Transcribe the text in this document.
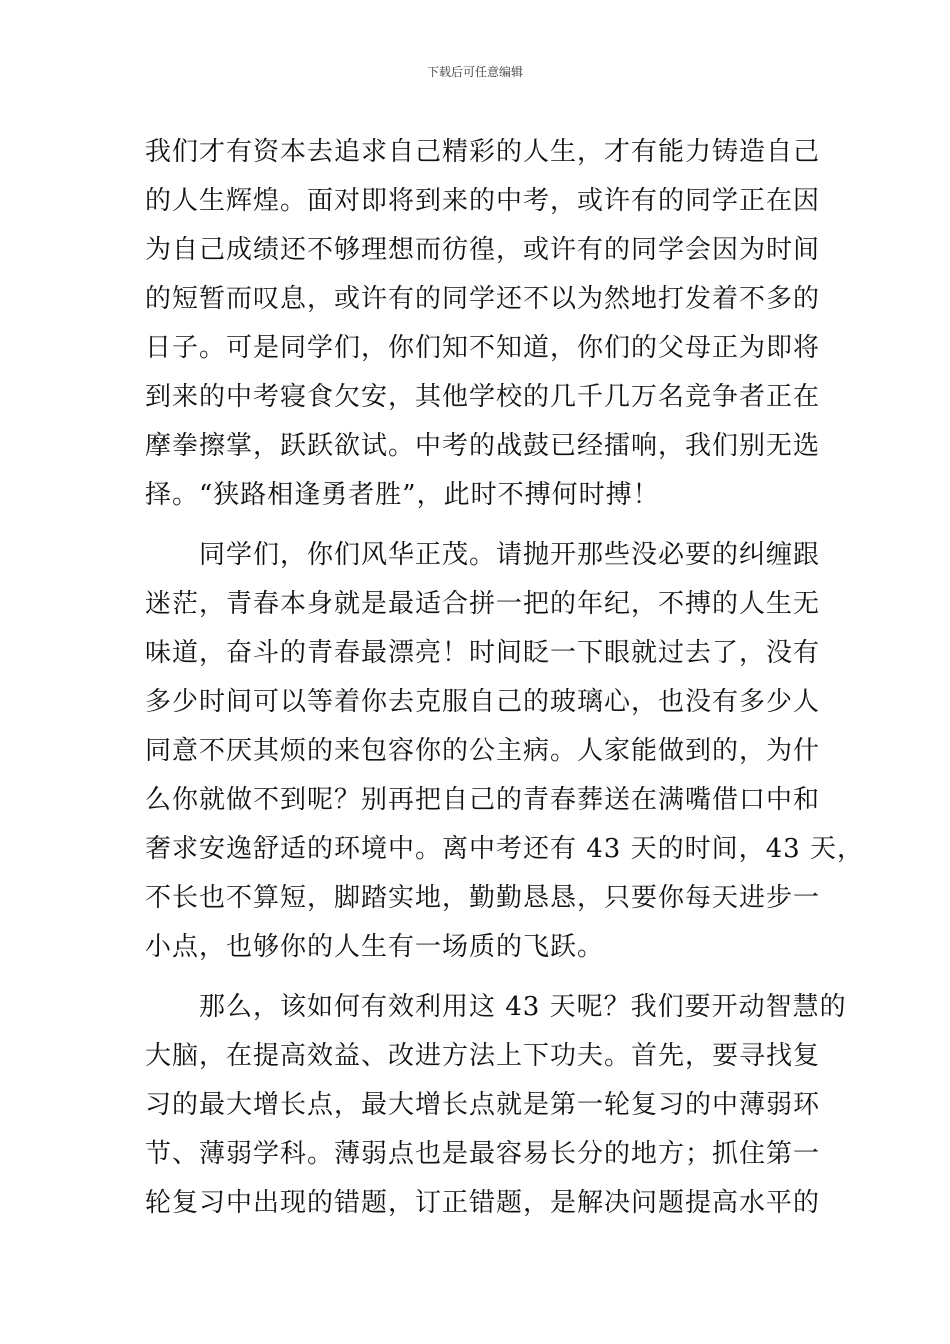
下载后可任意编辑
我们才有资本去追求自己精彩的人生，才有能力铸造自己
的人生辉煌。面对即将到来的中考，或许有的同学正在因
为自己成绩还不够理想而彷徨，或许有的同学会因为时间
的短暂而叹息，或许有的同学还不以为然地打发着不多的
日子。可是同学们，你们知不知道，你们的父母正为即将
到来的中考寝食欠安，其他学校的几千几万名竞争者正在
摩拳擦掌，跃跃欲试。中考的战鼓已经擂响，我们别无选
择。“狭路相逢勇者胜”，此时不搏何时搏！
　　同学们，你们风华正茂。请抛开那些没必要的纠缠跟
迷茫，青春本身就是最适合拼一把的年纪，不搏的人生无
味道，奋斗的青春最漂亮！时间眨一下眼就过去了，没有
多少时间可以等着你去克服自己的玻璃心，也没有多少人
同意不厌其烦的来包容你的公主病。人家能做到的，为什
么你就做不到呢？别再把自己的青春葬送在满嘴借口中和
奢求安逸舒适的环境中。离中考还有 43 天的时间，43 天，
不长也不算短，脚踏实地，勤勤恳恳，只要你每天进步一
小点，也够你的人生有一场质的飞跃。
　　那么，该如何有效利用这 43 天呢？我们要开动智慧的
大脑，在提高效益、改进方法上下功夫。首先，要寻找复
习的最大增长点，最大增长点就是第一轮复习的中薄弱环
节、薄弱学科。薄弱点也是最容易长分的地方；抓住第一
轮复习中出现的错题，订正错题，是解决问题提高水平的
